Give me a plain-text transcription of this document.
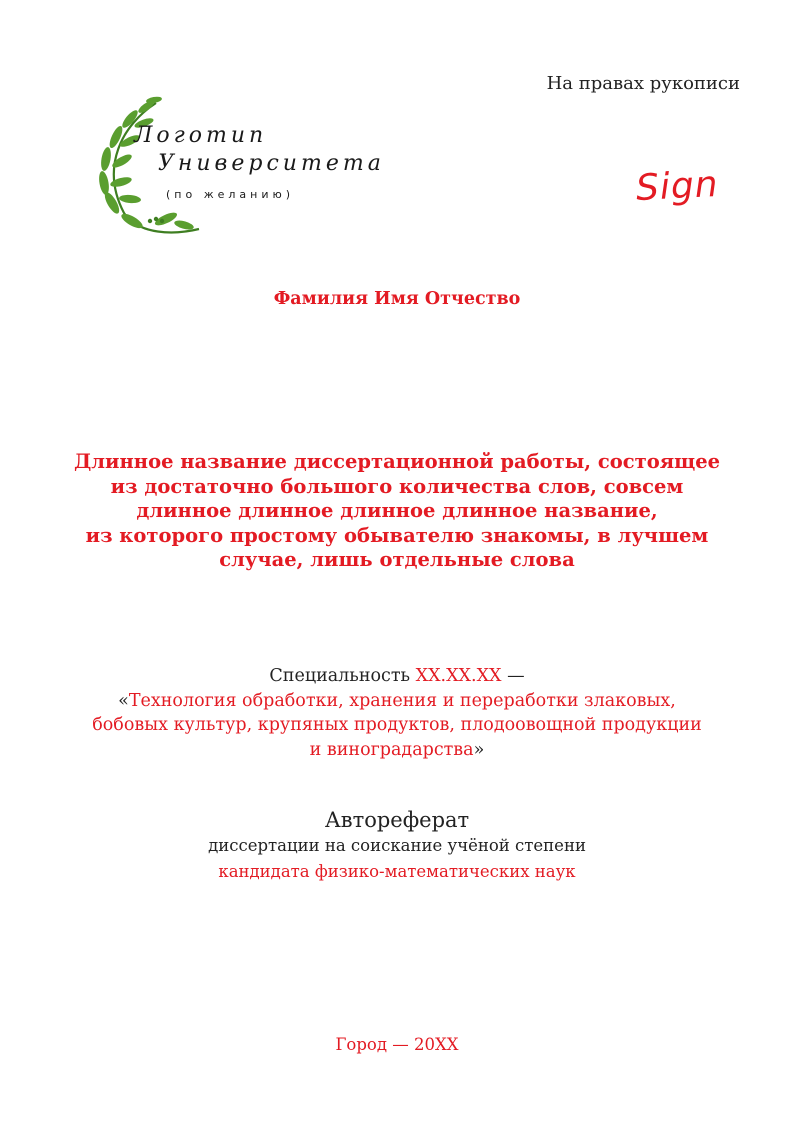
На правах рукописи
Логотип
Университета
(по желанию)	Sign
Фамилия Имя Отчество
Длинное название диссертационной работы, состоящее
из достаточно большого количества слов, совсем
длинное длинное длинное длинное название,
из которого простому обывателю знакомы, в лучшем
случае, лишь отдельные слова
Специальность XX.XX.XX —
«Технология обработки, хранения и переработки злаковых,
бобовых культур, крупяных продуктов, плодоовощной продукции
и виноградарства»
Автореферат
диссертации на соискание учёной степени
кандидата физико-математических наук
Город — 20XX
